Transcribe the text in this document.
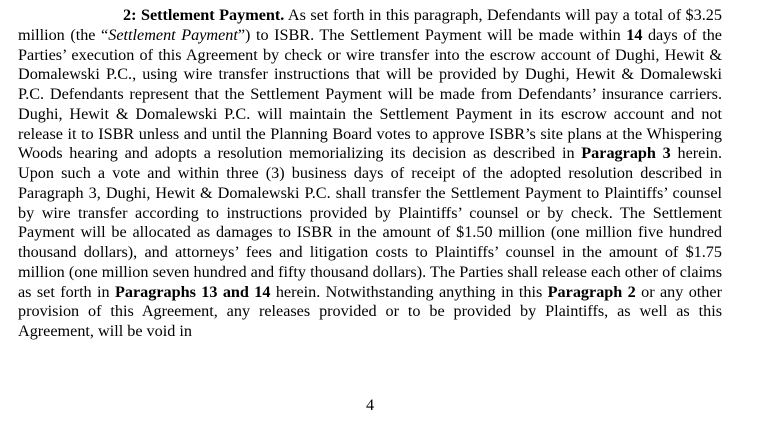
2: Settlement Payment. As set forth in this paragraph, Defendants will pay a total of $3.25 million (the “Settlement Payment”) to ISBR. The Settlement Payment will be made within 14 days of the Parties’ execution of this Agreement by check or wire transfer into the escrow account of Dughi, Hewit & Domalewski P.C., using wire transfer instructions that will be provided by Dughi, Hewit & Domalewski P.C. Defendants represent that the Settlement Payment will be made from Defendants’ insurance carriers. Dughi, Hewit & Domalewski P.C. will maintain the Settlement Payment in its escrow account and not release it to ISBR unless and until the Planning Board votes to approve ISBR’s site plans at the Whispering Woods hearing and adopts a resolution memorializing its decision as described in Paragraph 3 herein. Upon such a vote and within three (3) business days of receipt of the adopted resolution described in Paragraph 3, Dughi, Hewit & Domalewski P.C. shall transfer the Settlement Payment to Plaintiffs’ counsel by wire transfer according to instructions provided by Plaintiffs’ counsel or by check. The Settlement Payment will be allocated as damages to ISBR in the amount of $1.50 million (one million five hundred thousand dollars), and attorneys’ fees and litigation costs to Plaintiffs’ counsel in the amount of $1.75 million (one million seven hundred and fifty thousand dollars). The Parties shall release each other of claims as set forth in Paragraphs 13 and 14 herein. Notwithstanding anything in this Paragraph 2 or any other provision of this Agreement, any releases provided or to be provided by Plaintiffs, as well as this Agreement, will be void in

4
